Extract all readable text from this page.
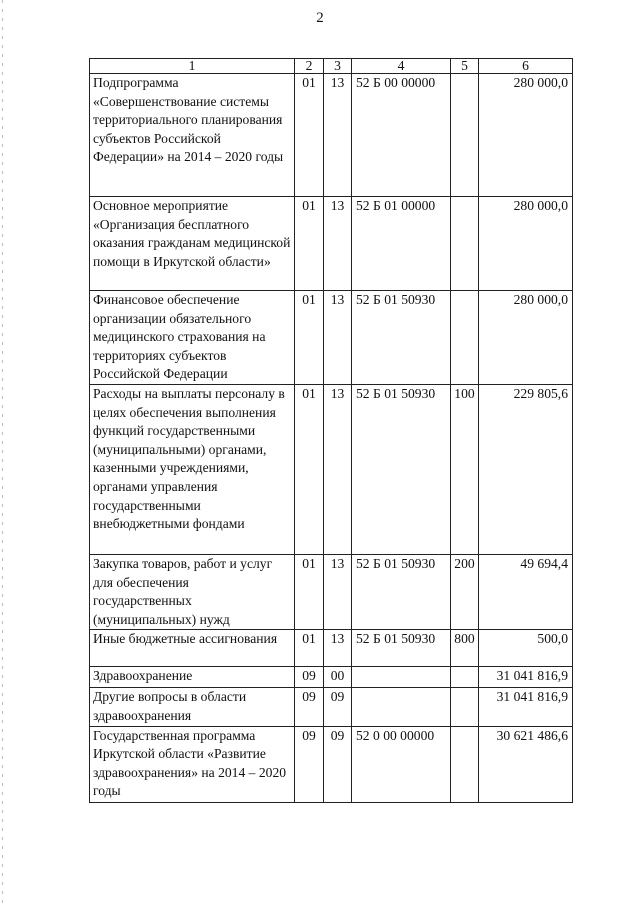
2
1	2	3	4	5	6
Подпрограмма «Совершенствование системы территориального планирования субъектов Российской Федерации» на 2014 – 2020 годы	01	13	52 Б 00 00000		280 000,0
Основное мероприятие «Организация бесплатного оказания гражданам медицинской помощи в Иркутской области»	01	13	52 Б 01 00000		280 000,0
Финансовое обеспечение организации обязательного медицинского страхования на территориях субъектов Российской Федерации	01	13	52 Б 01 50930		280 000,0
Расходы на выплаты персоналу в целях обеспечения выполнения функций государственными (муниципальными) органами, казенными учреждениями, органами управления государственными внебюджетными фондами	01	13	52 Б 01 50930	100	229 805,6
Закупка товаров, работ и услуг для обеспечения государственных (муниципальных) нужд	01	13	52 Б 01 50930	200	49 694,4
Иные бюджетные ассигнования	01	13	52 Б 01 50930	800	500,0
Здравоохранение	09	00			31 041 816,9
Другие вопросы в области здравоохранения	09	09			31 041 816,9
Государственная программа Иркутской области «Развитие здравоохранения» на 2014 – 2020 годы	09	09	52 0 00 00000		30 621 486,6
